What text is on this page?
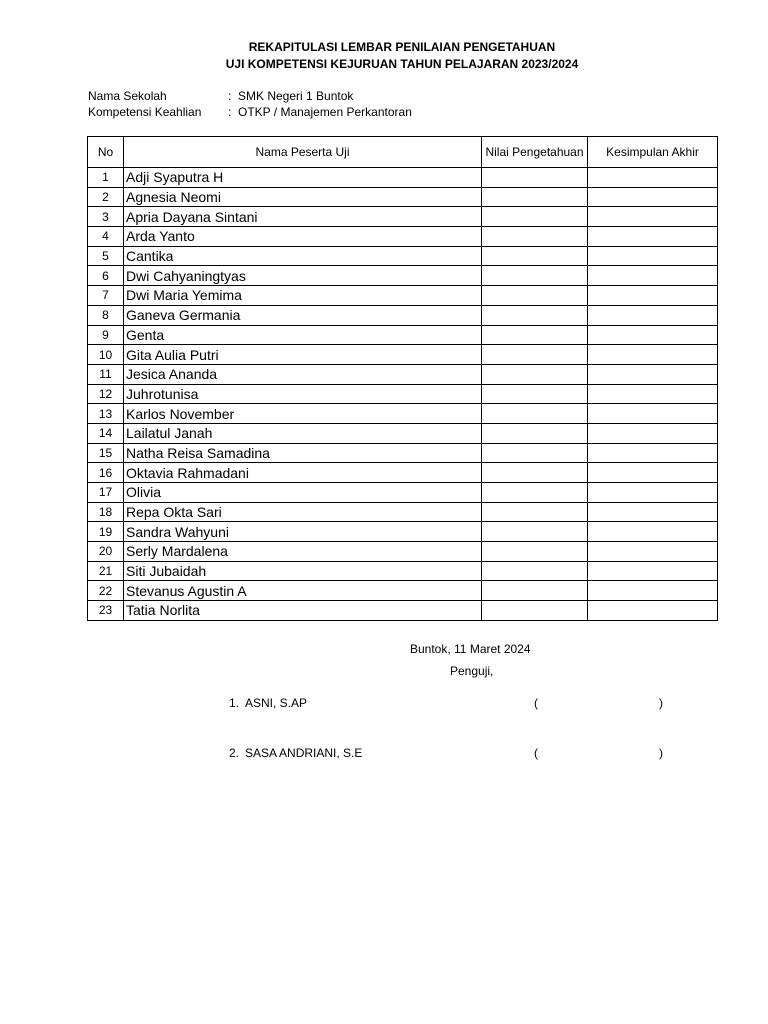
REKAPITULASI LEMBAR PENILAIAN PENGETAHUAN
UJI KOMPETENSI KEJURUAN TAHUN PELAJARAN 2023/2024
Nama Sekolah	: SMK Negeri 1 Buntok
Kompetensi Keahlian : OTKP / Manajemen Perkantoran
No	Nama Peserta Uji	Nilai Pengetahuan	Kesimpulan Akhir
1	Adji Syaputra H		
2	Agnesia Neomi		
3	Apria Dayana Sintani		
4	Arda Yanto		
5	Cantika		
6	Dwi Cahyaningtyas		
7	Dwi Maria Yemima		
8	Ganeva Germania		
9	Genta		
10	Gita Aulia Putri		
11	Jesica Ananda		
12	Juhrotunisa		
13	Karlos November		
14	Lailatul Janah		
15	Natha Reisa Samadina		
16	Oktavia Rahmadani		
17	Olivia		
18	Repa Okta Sari		
19	Sandra Wahyuni		
20	Serly Mardalena		
21	Siti Jubaidah		
22	Stevanus Agustin A		
23	Tatia Norlita		
Buntok, 11 Maret 2024
Penguji,
1. ASNI, S.AP	(	)
2. SASA ANDRIANI, S.E	(	)
